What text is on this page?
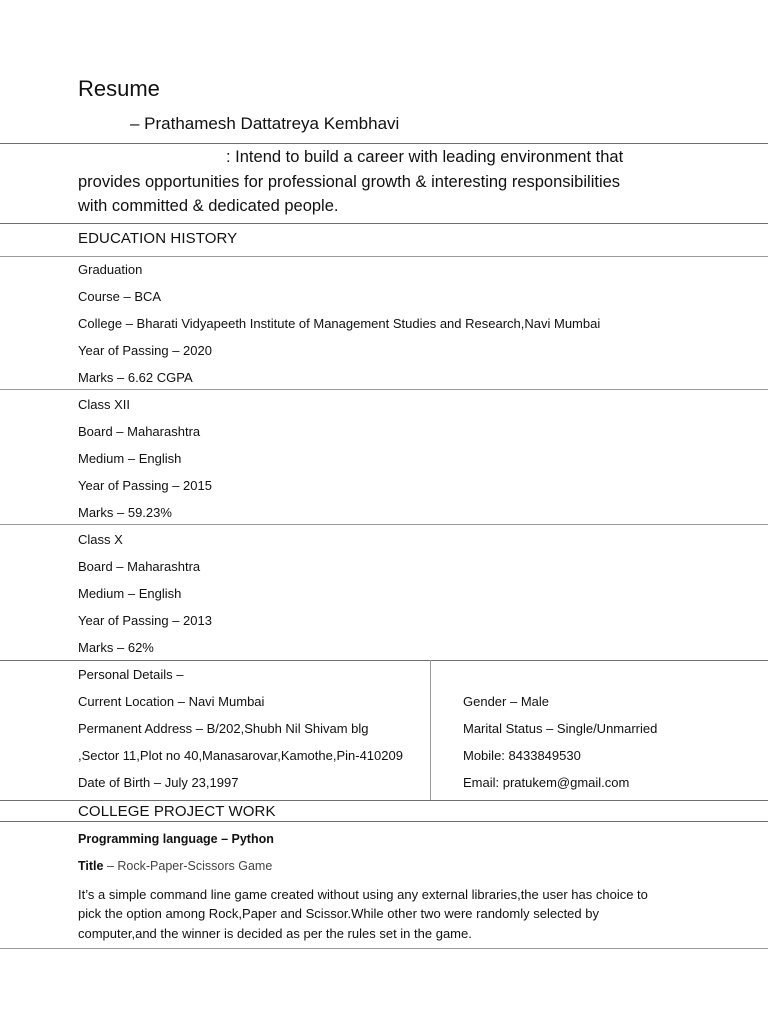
Resume
– Prathamesh Dattatreya Kembhavi
: Intend to build a career with leading environment that
provides opportunities for professional growth & interesting responsibilities
with committed & dedicated people.
EDUCATION HISTORY
Graduation
Course – BCA
College – Bharati Vidyapeeth Institute of Management Studies and Research,Navi Mumbai
Year of Passing – 2020
Marks – 6.62 CGPA
Class XII
Board – Maharashtra
Medium – English
Year of Passing – 2015
Marks – 59.23%
Class X
Board – Maharashtra
Medium – English
Year of Passing – 2013
Marks – 62%
Personal Details –
Current Location – Navi Mumbai
Permanent Address – B/202,Shubh Nil Shivam blg
,Sector 11,Plot no 40,Manasarovar,Kamothe,Pin-410209
Date of Birth – July 23,1997
Gender – Male
Marital Status – Single/Unmarried
Mobile: 8433849530
Email: pratukem@gmail.com
COLLEGE PROJECT WORK
Programming language – Python
Title – Rock-Paper-Scissors Game
It’s a simple command line game created without using any external libraries,the user has choice to
pick the option among Rock,Paper and Scissor.While other two were randomly selected by
computer,and the winner is decided as per the rules set in the game.
